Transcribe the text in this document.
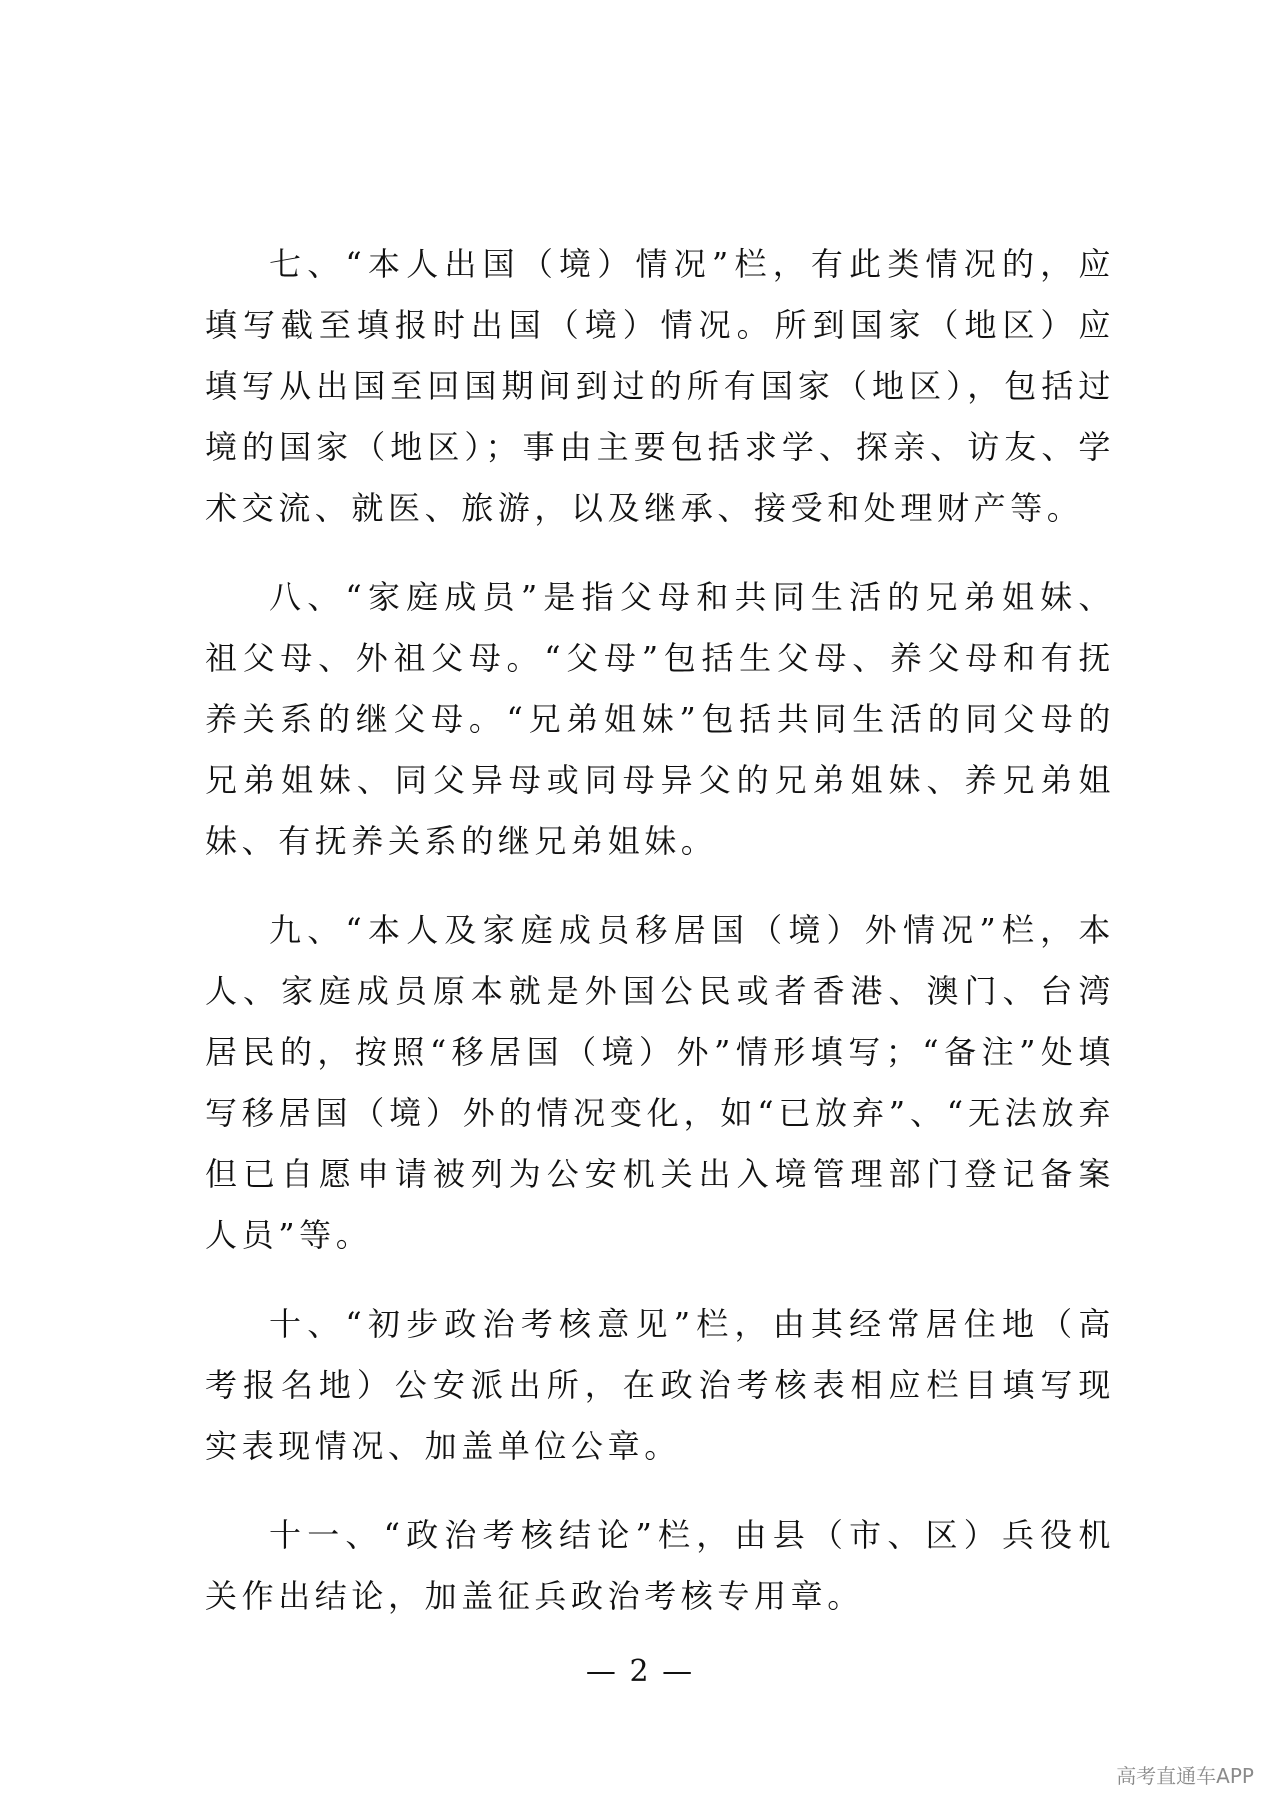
七、“本人出国（境）情况”栏，有此类情况的，应填写截至填报时出国（境）情况。所到国家（地区）应填写从出国至回国期间到过的所有国家（地区），包括过境的国家（地区）；事由主要包括求学、探亲、访友、学术交流、就医、旅游，以及继承、接受和处理财产等。

八、“家庭成员”是指父母和共同生活的兄弟姐妹、祖父母、外祖父母。“父母”包括生父母、养父母和有抚养关系的继父母。“兄弟姐妹”包括共同生活的同父母的兄弟姐妹、同父异母或同母异父的兄弟姐妹、养兄弟姐妹、有抚养关系的继兄弟姐妹。

九、“本人及家庭成员移居国（境）外情况”栏，本人、家庭成员原本就是外国公民或者香港、澳门、台湾居民的，按照“移居国（境）外”情形填写；“备注”处填写移居国（境）外的情况变化，如“已放弃”、“无法放弃但已自愿申请被列为公安机关出入境管理部门登记备案人员”等。

十、“初步政治考核意见”栏，由其经常居住地（高考报名地）公安派出所，在政治考核表相应栏目填写现实表现情况、加盖单位公章。

十一、“政治考核结论”栏，由县（市、区）兵役机关作出结论，加盖征兵政治考核专用章。

— 2 —
高考直通车APP
